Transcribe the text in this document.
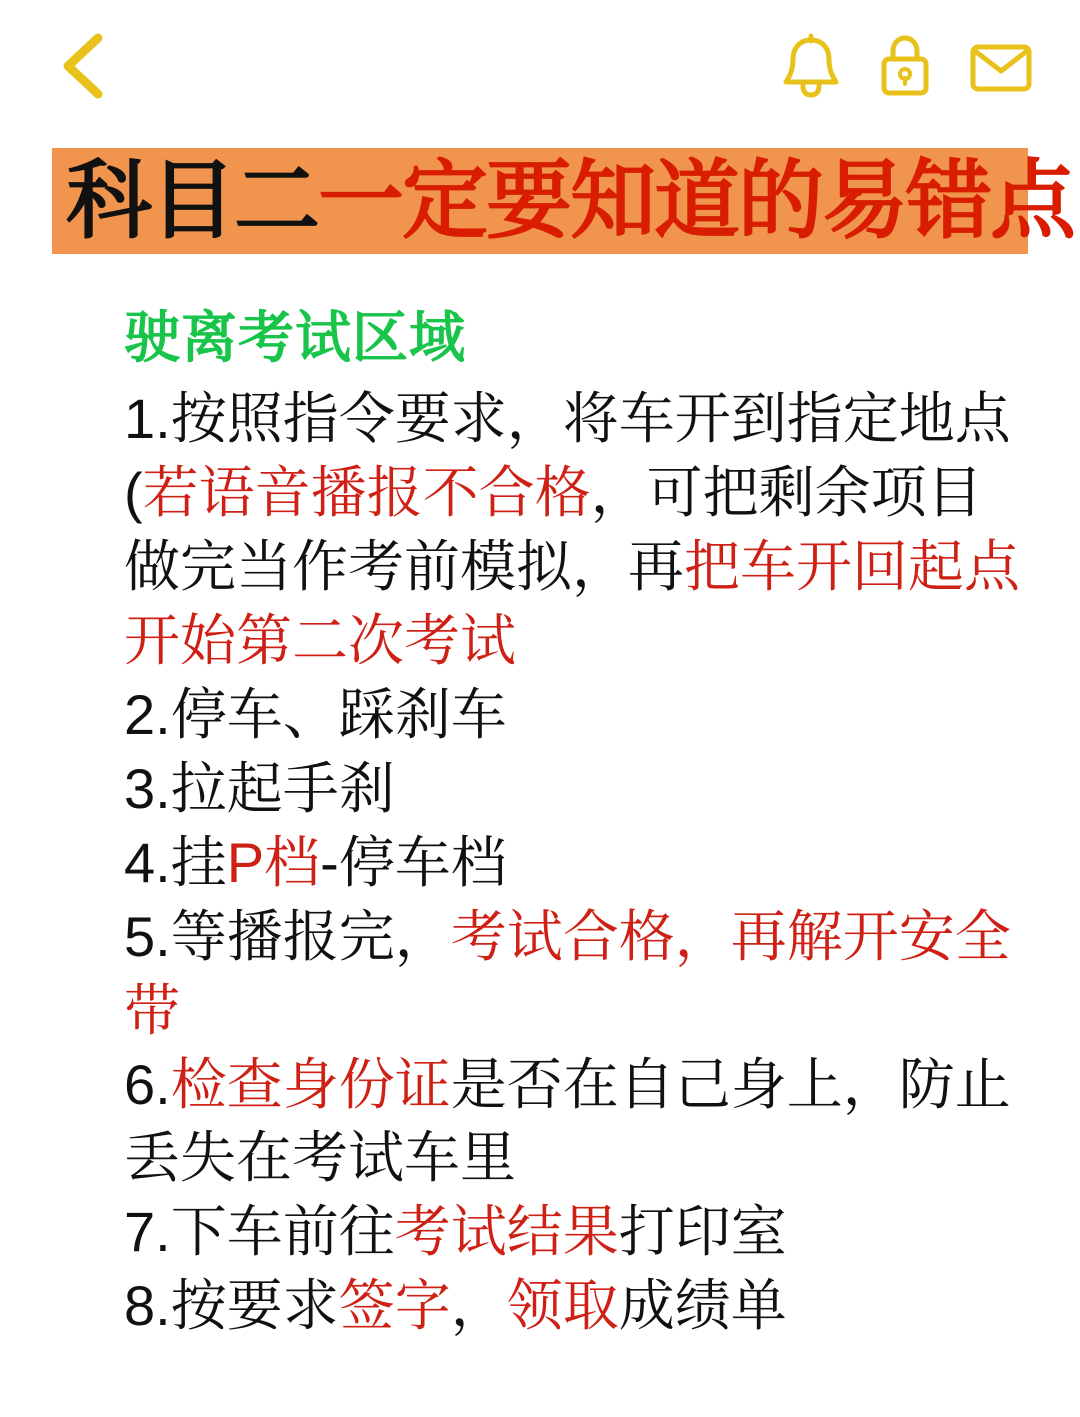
科目二一定要知道的易错点
驶离考试区域
1.按照指令要求，将车开到指定地点(若语音播报不合格，可把剩余项目做完当作考前模拟，再把车开回起点开始第二次考试
2.停车、踩刹车
3.拉起手刹
4.挂P档-停车档
5.等播报完，考试合格，再解开安全带
6.检查身份证是否在自己身上，防止丢失在考试车里
7.下车前往考试结果打印室
8.按要求签字，领取成绩单
